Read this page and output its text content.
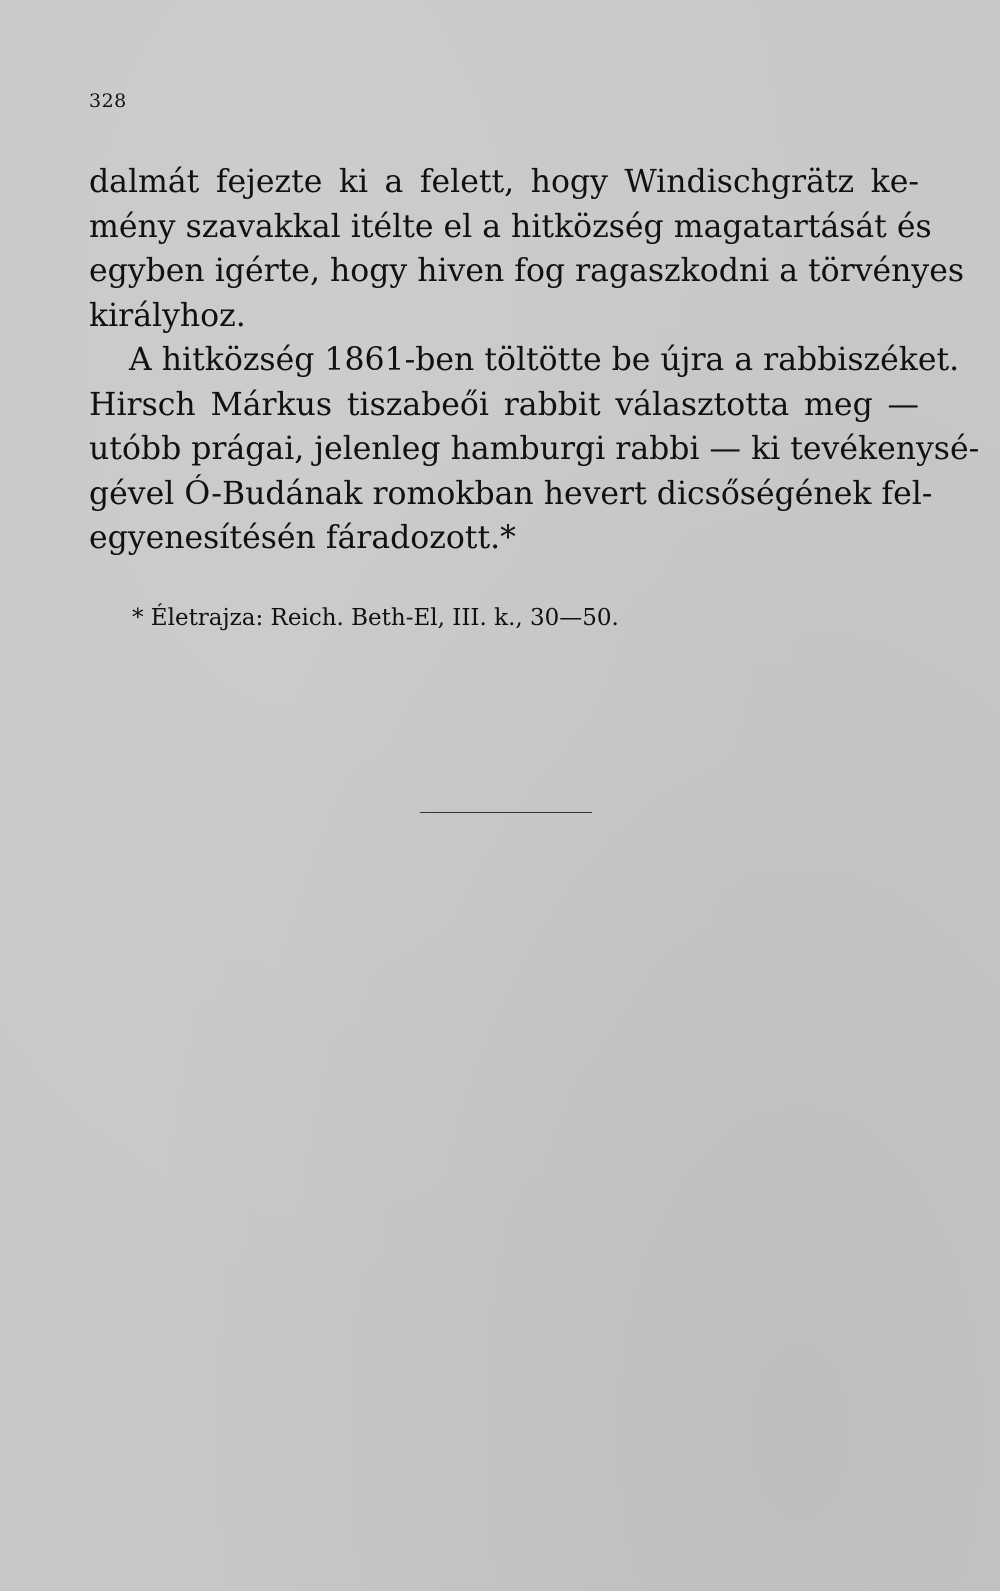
328
dalmát fejezte ki a felett, hogy Windischgrätz ke-
mény szavakkal itélte el a hitközség magatartását és
egyben igérte, hogy hiven fog ragaszkodni a törvényes
királyhoz.
A hitközség 1861-ben töltötte be újra a rabbiszéket.
Hirsch Márkus tiszabeői rabbit választotta meg —
utóbb prágai, jelenleg hamburgi rabbi — ki tevékenysé-
gével Ó-Budának romokban hevert dicsőségének fel-
egyenesítésén fáradozott.*
* Életrajza: Reich. Beth-El, III. k., 30—50.
